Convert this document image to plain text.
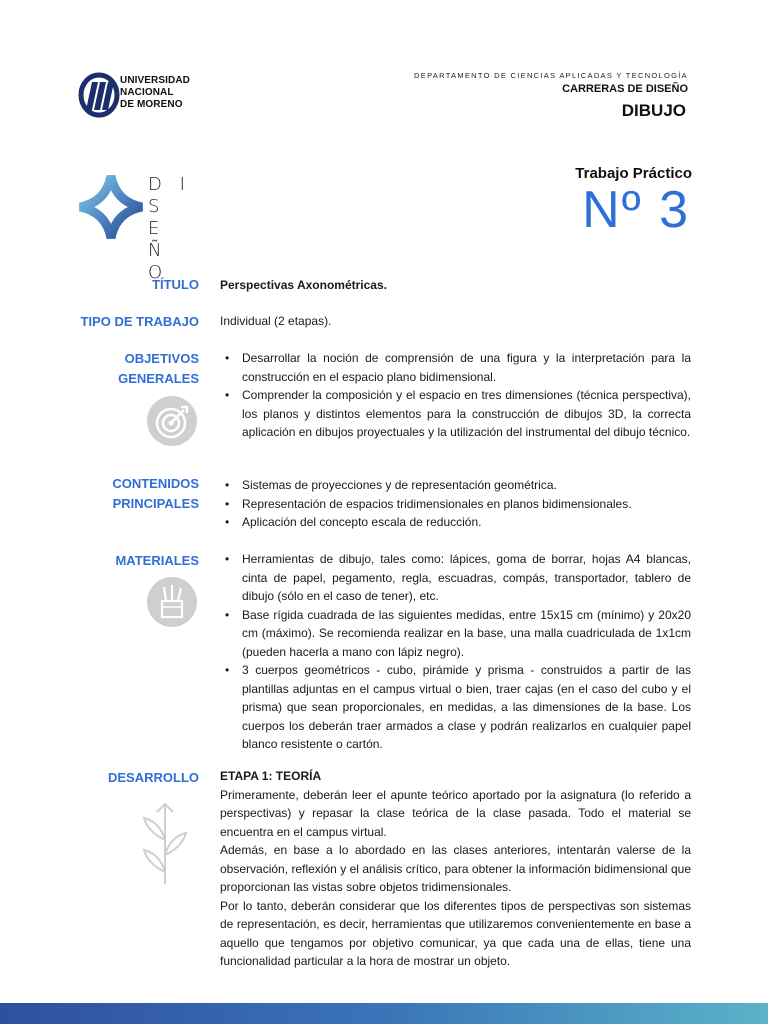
UNIVERSIDAD
NACIONAL
DE MORENO
DEPARTAMENTO DE CIENCIAS APLICADAS Y TECNOLOGÍA
CARRERAS DE DISEÑO
DIBUJO
D I S
E Ñ O
Trabajo Práctico
Nº 3
TÍTULO Perspectivas Axonométricas.
TIPO DE TRABAJO Individual (2 etapas).
OBJETIVOS
GENERALES
• Desarrollar la noción de comprensión de una figura y la interpretación para la construcción en el espacio plano bidimensional.
• Comprender la composición y el espacio en tres dimensiones (técnica perspectiva), los planos y distintos elementos para la construcción de dibujos 3D, la correcta aplicación en dibujos proyectuales y la utilización del instrumental del dibujo técnico.
CONTENIDOS
PRINCIPALES
• Sistemas de proyecciones y de representación geométrica.
• Representación de espacios tridimensionales en planos bidimensionales.
• Aplicación del concepto escala de reducción.
MATERIALES
•	Herramientas de dibujo, tales como: lápices, goma de borrar, hojas A4 blancas, cinta de papel, pegamento, regla, escuadras, compás, transportador, tablero de dibujo (sólo en el caso de tener), etc.
• Base rígida cuadrada de las siguientes medidas, entre 15x15 cm (mínimo) y 20x20 cm (máximo). Se recomienda realizar en la base, una malla cuadriculada de 1x1cm (pueden hacerla a mano con lápiz negro).
• 3 cuerpos geométricos - cubo, pirámide y prisma - construidos a partir de las plantillas adjuntas en el campus virtual o bien, traer cajas (en el caso del cubo y el prisma) que sean proporcionales, en medidas, a las dimensiones de la base. Los cuerpos los deberán traer armados a clase y podrán realizarlos en cualquier papel blanco resistente o cartón.
DESARROLLO ETAPA 1: TEORÍA
Primeramente, deberán leer el apunte teórico aportado por la asignatura (lo referido a perspectivas) y repasar la clase teórica de la clase pasada. Todo el material se encuentra en el campus virtual.
Además, en base a lo abordado en las clases anteriores, intentarán valerse de la observación, reflexión y el análisis crítico, para obtener la información bidimensional que proporcionan las vistas sobre objetos tridimensionales.
Por lo tanto, deberán considerar que los diferentes tipos de perspectivas son sistemas de representación, es decir, herramientas que utilizaremos convenientemente en base a aquello que tengamos por objetivo comunicar, ya que cada una de ellas, tiene una funcionalidad particular a la hora de mostrar un objeto.
